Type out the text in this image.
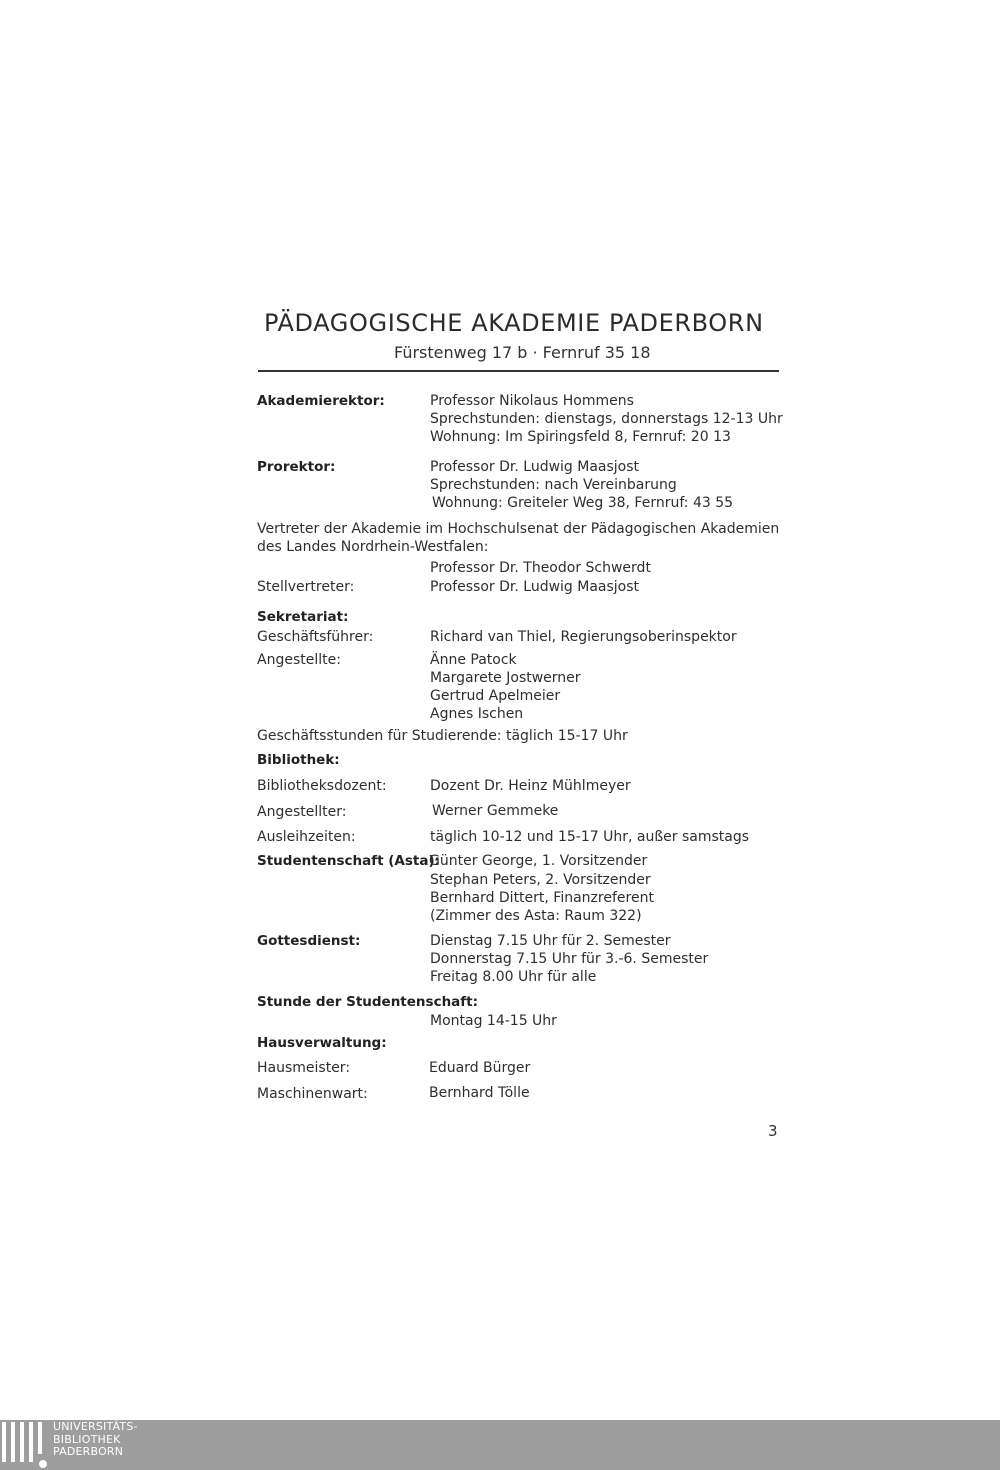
PÄDAGOGISCHE AKADEMIE PADERBORN
Fürstenweg 17 b · Fernruf 35 18
Akademierektor:	Professor Nikolaus Hommens
Sprechstunden: dienstags, donnerstags 12-13 Uhr
Wohnung: Im Spiringsfeld 8, Fernruf: 20 13
Prorektor:	Professor Dr. Ludwig Maasjost
Sprechstunden: nach Vereinbarung
Wohnung: Greiteler Weg 38, Fernruf: 43 55
Vertreter der Akademie im Hochschulsenat der Pädagogischen Akademien
des Landes Nordrhein-Westfalen:
Professor Dr. Theodor Schwerdt
Stellvertreter:	Professor Dr. Ludwig Maasjost
Sekretariat:
Geschäftsführer:	Richard van Thiel, Regierungsoberinspektor
Angestellte:	Änne Patock
Margarete Jostwerner
Gertrud Apelmeier
Agnes Ischen
Geschäftsstunden für Studierende: täglich 15-17 Uhr
Bibliothek:
Bibliotheksdozent:	Dozent Dr. Heinz Mühlmeyer
Angestellter:	Werner Gemmeke
Ausleihzeiten:	täglich 10-12 und 15-17 Uhr, außer samstags
Studentenschaft (Asta):
Günter George, 1. Vorsitzender
Stephan Peters, 2. Vorsitzender
Bernhard Dittert, Finanzreferent
(Zimmer des Asta: Raum 322)
Gottesdienst:	Dienstag 7.15 Uhr für 2. Semester
Donnerstag 7.15 Uhr für 3.-6. Semester
Freitag 8.00 Uhr für alle
Stunde der Studentenschaft:
Montag 14-15 Uhr
Hausverwaltung:
Hausmeister:	Eduard Bürger
Maschinenwart:	Bernhard Tölle
3
UNIVERSITÄTS-
BIBLIOTHEK
PADERBORN
